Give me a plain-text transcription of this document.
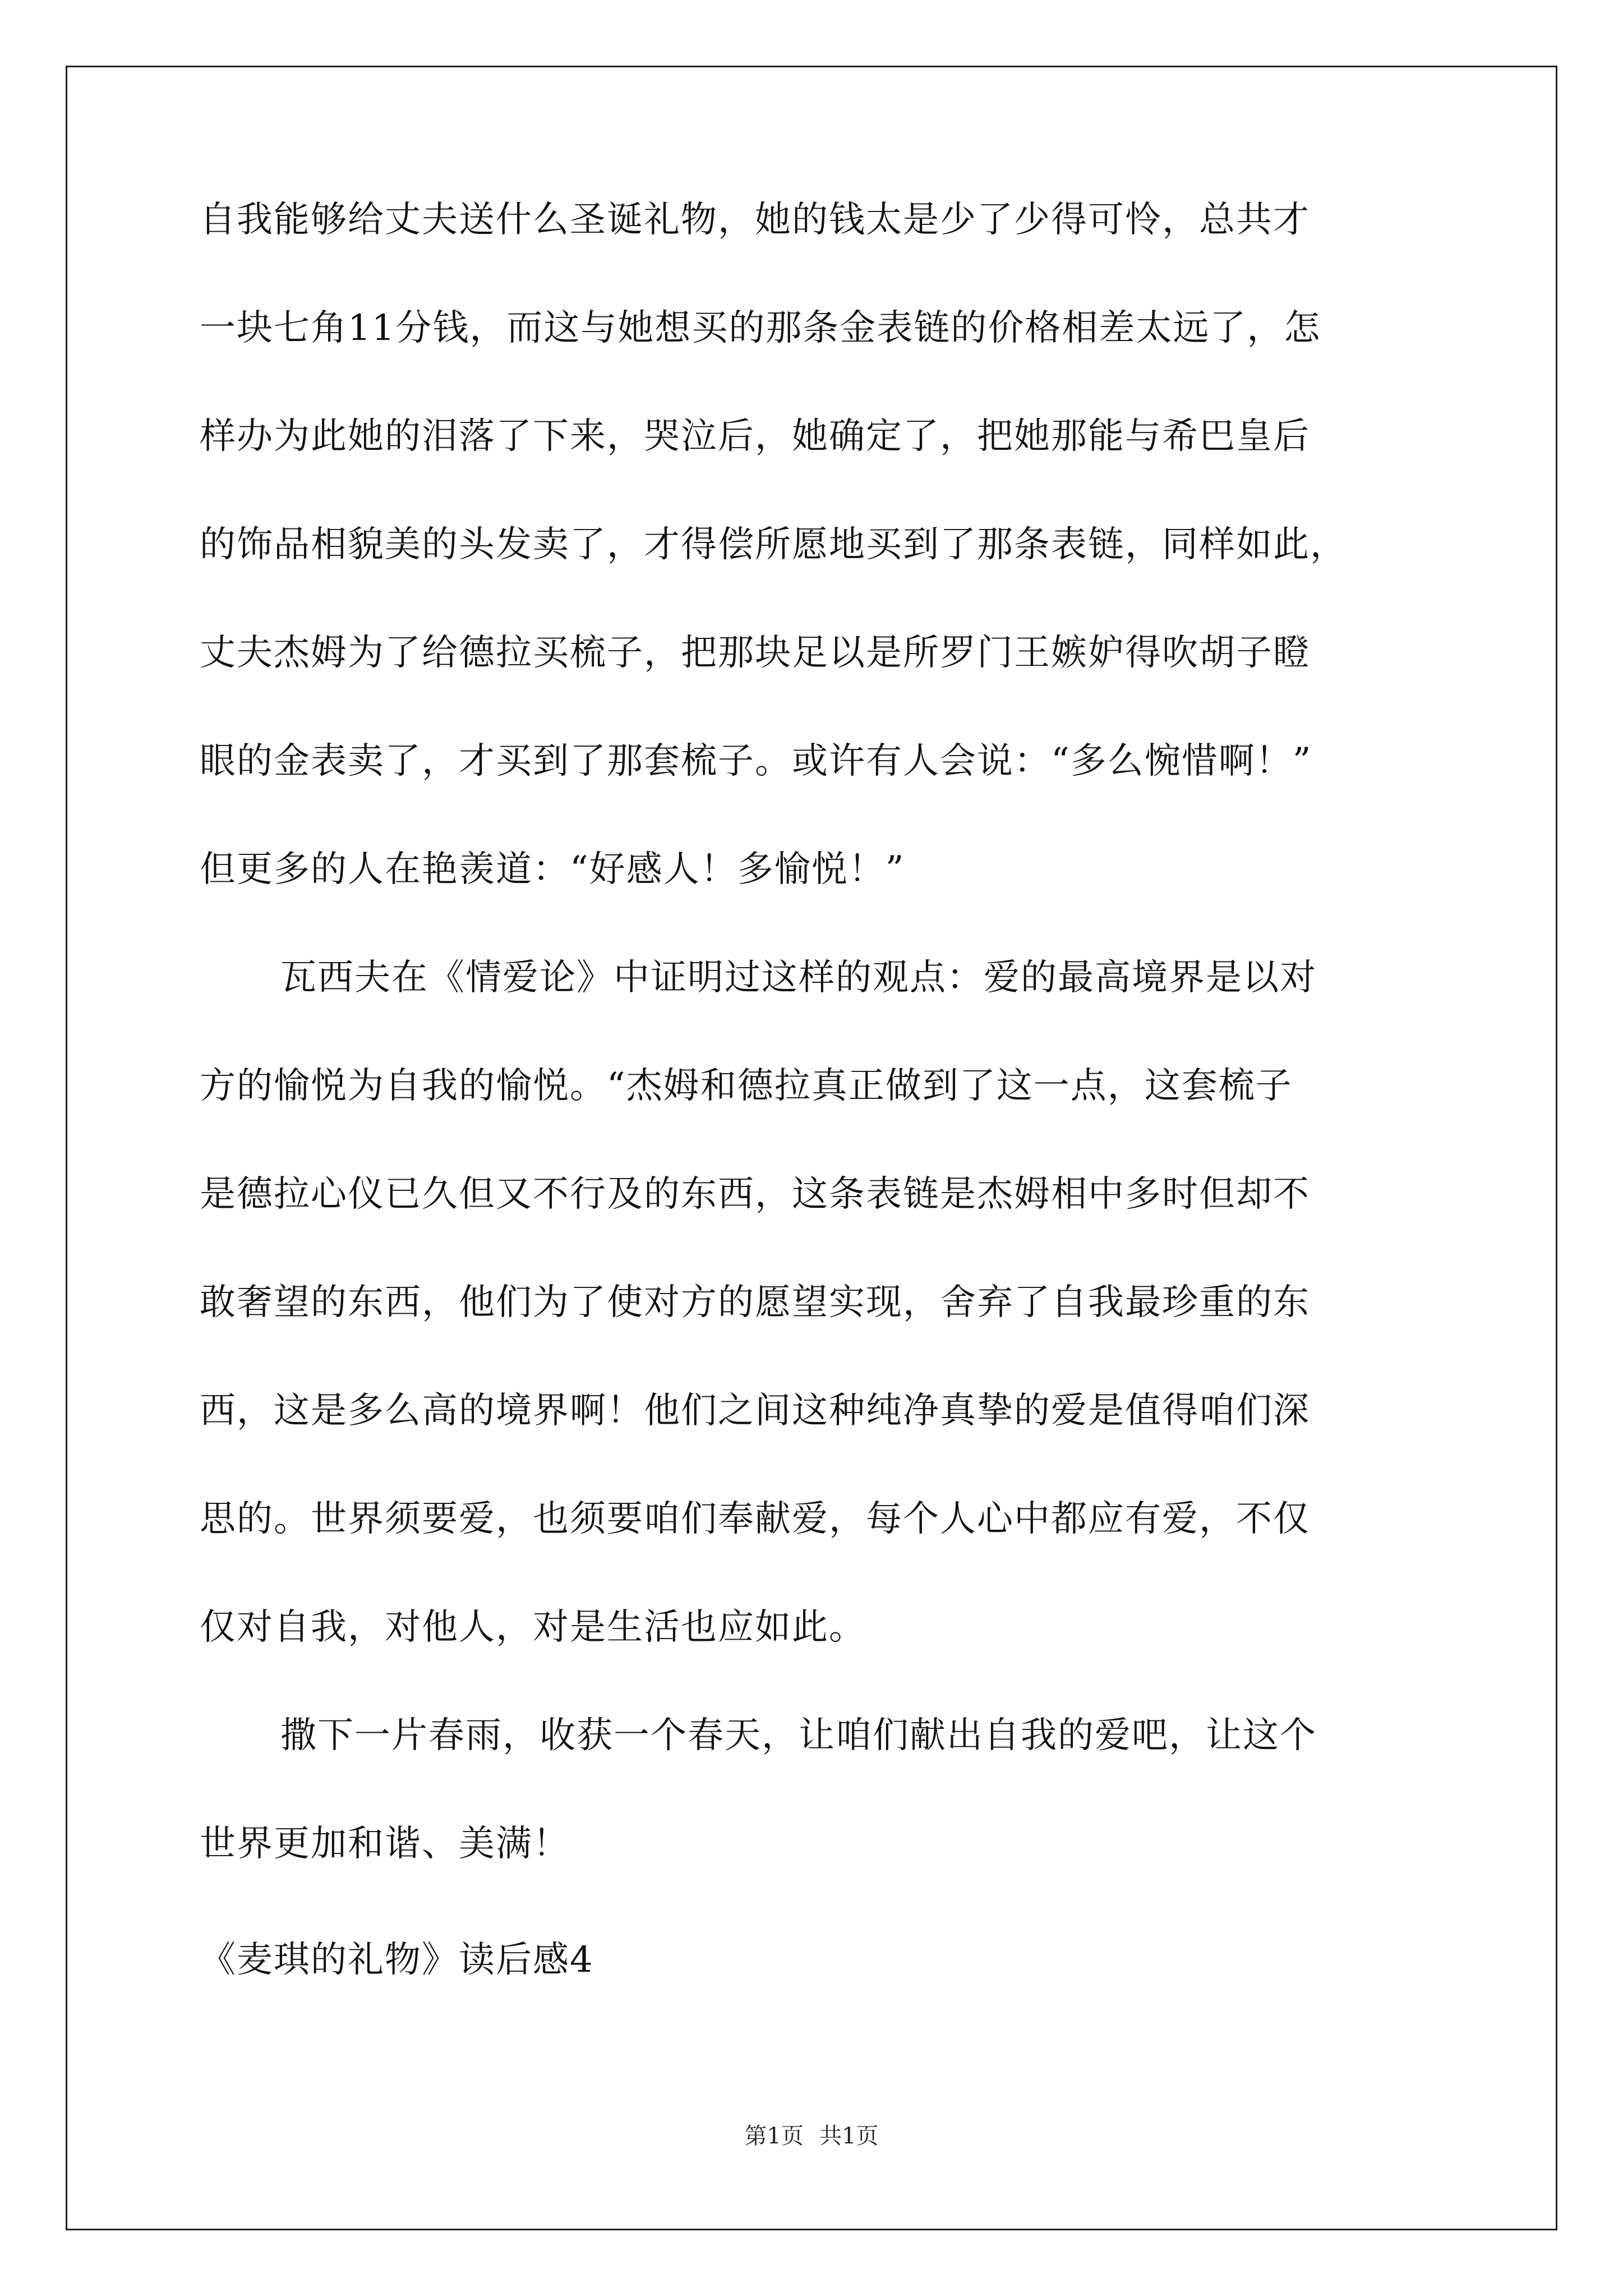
自我能够给丈夫送什么圣诞礼物，她的钱太是少了少得可怜，总共才
一块七角11分钱，而这与她想买的那条金表链的价格相差太远了，怎
样办为此她的泪落了下来，哭泣后，她确定了，把她那能与希巴皇后
的饰品相貌美的头发卖了，才得偿所愿地买到了那条表链，同样如此，
丈夫杰姆为了给德拉买梳子，把那块足以是所罗门王嫉妒得吹胡子瞪
眼的金表卖了，才买到了那套梳子。或许有人会说：“多么惋惜啊！”
但更多的人在艳羡道：“好感人！多愉悦！”
瓦西夫在《情爱论》中证明过这样的观点：爱的最高境界是以对
方的愉悦为自我的愉悦。“杰姆和德拉真正做到了这一点，这套梳子
是德拉心仪已久但又不行及的东西，这条表链是杰姆相中多时但却不
敢奢望的东西，他们为了使对方的愿望实现，舍弃了自我最珍重的东
西，这是多么高的境界啊！他们之间这种纯净真挚的爱是值得咱们深
思的。世界须要爱，也须要咱们奉献爱，每个人心中都应有爱，不仅
仅对自我，对他人，对是生活也应如此。
撒下一片春雨，收获一个春天，让咱们献出自我的爱吧，让这个
世界更加和谐、美满！
《麦琪的礼物》读后感4
第1页 共1页
